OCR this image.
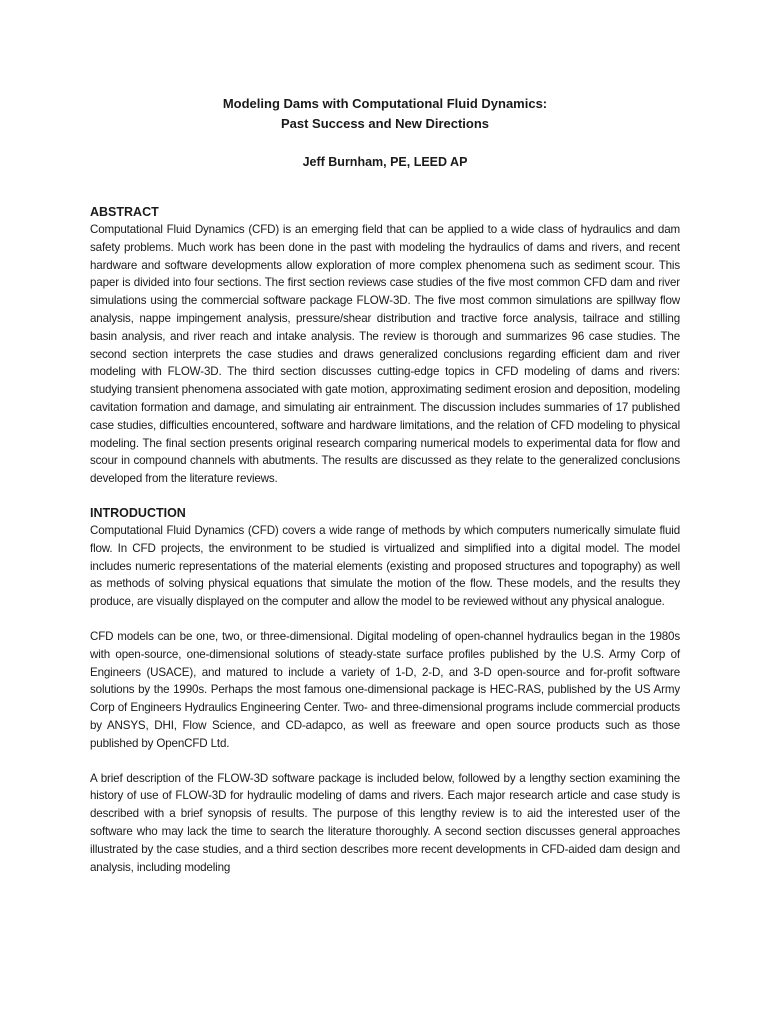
Modeling Dams with Computational Fluid Dynamics:
Past Success and New Directions
Jeff Burnham, PE, LEED AP
ABSTRACT

Computational Fluid Dynamics (CFD) is an emerging field that can be applied to a wide class of hydraulics and dam safety problems. Much work has been done in the past with modeling the hydraulics of dams and rivers, and recent hardware and software developments allow exploration of more complex phenomena such as sediment scour. This paper is divided into four sections. The first section reviews case studies of the five most common CFD dam and river simulations using the commercial software package FLOW-3D. The five most common simulations are spillway flow analysis, nappe impingement analysis, pressure/shear distribution and tractive force analysis, tailrace and stilling basin analysis, and river reach and intake analysis. The review is thorough and summarizes 96 case studies. The second section interprets the case studies and draws generalized conclusions regarding efficient dam and river modeling with FLOW-3D. The third section discusses cutting-edge topics in CFD modeling of dams and rivers: studying transient phenomena associated with gate motion, approximating sediment erosion and deposition, modeling cavitation formation and damage, and simulating air entrainment. The discussion includes summaries of 17 published case studies, difficulties encountered, software and hardware limitations, and the relation of CFD modeling to physical modeling. The final section presents original research comparing numerical models to experimental data for flow and scour in compound channels with abutments. The results are discussed as they relate to the generalized conclusions developed from the literature reviews.

INTRODUCTION

Computational Fluid Dynamics (CFD) covers a wide range of methods by which computers numerically simulate fluid flow. In CFD projects, the environment to be studied is virtualized and simplified into a digital model. The model includes numeric representations of the material elements (existing and proposed structures and topography) as well as methods of solving physical equations that simulate the motion of the flow. These models, and the results they produce, are visually displayed on the computer and allow the model to be reviewed without any physical analogue.

CFD models can be one, two, or three-dimensional. Digital modeling of open-channel hydraulics began in the 1980s with open-source, one-dimensional solutions of steady-state surface profiles published by the U.S. Army Corp of Engineers (USACE), and matured to include a variety of 1-D, 2-D, and 3-D open-source and for-profit software solutions by the 1990s. Perhaps the most famous one-dimensional package is HEC-RAS, published by the US Army Corp of Engineers Hydraulics Engineering Center. Two- and three-dimensional programs include commercial products by ANSYS, DHI, Flow Science, and CD-adapco, as well as freeware and open source products such as those published by OpenCFD Ltd.

A brief description of the FLOW-3D software package is included below, followed by a lengthy section examining the history of use of FLOW-3D for hydraulic modeling of dams and rivers. Each major research article and case study is described with a brief synopsis of results. The purpose of this lengthy review is to aid the interested user of the software who may lack the time to search the literature thoroughly. A second section discusses general approaches illustrated by the case studies, and a third section describes more recent developments in CFD-aided dam design and analysis, including modeling
